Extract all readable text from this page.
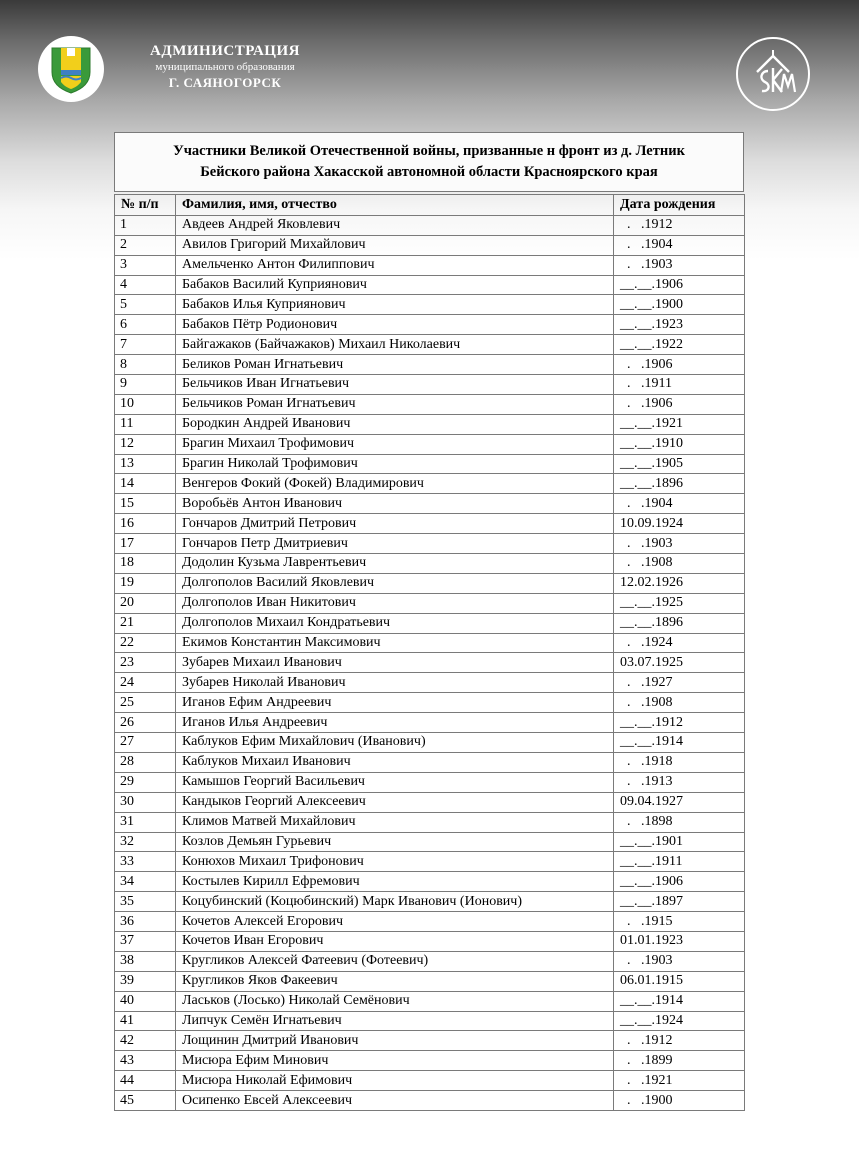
АДМИНИСТРАЦИЯ
муниципального образования
Г. САЯНОГОРСК
Участники Великой Отечественной войны, призванные н фронт из д. Летник
Бейского района Хакасской автономной области Красноярского края
№ п/п	Фамилия, имя, отчество	Дата рождения
1	Авдеев Андрей Яковлевич	.   .1912
2	Авилов Григорий Михайлович	.   .1904
3	Амельченко Антон Филиппович	.   .1903
4	Бабаков Василий Куприянович	__.__.1906
5	Бабаков Илья Куприянович	__.__.1900
6	Бабаков Пётр Родионович	__.__.1923
7	Байгажаков (Байчажаков) Михаил Николаевич	__.__.1922
8	Беликов Роман Игнатьевич	.   .1906
9	Бельчиков Иван Игнатьевич	.   .1911
10	Бельчиков Роман Игнатьевич	.   .1906
11	Бородкин Андрей Иванович	__.__.1921
12	Брагин Михаил Трофимович	__.__.1910
13	Брагин Николай Трофимович	__.__.1905
14	Венгеров Фокий (Фокей) Владимирович	__.__.1896
15	Воробьёв Антон Иванович	.   .1904
16	Гончаров Дмитрий Петрович	10.09.1924
17	Гончаров Петр Дмитриевич	.   .1903
18	Додолин Кузьма Лаврентьевич	.   .1908
19	Долгополов Василий Яковлевич	12.02.1926
20	Долгополов Иван Никитович	__.__.1925
21	Долгополов Михаил Кондратьевич	__.__.1896
22	Екимов Константин Максимович	.   .1924
23	Зубарев Михаил Иванович	03.07.1925
24	Зубарев Николай Иванович	.   .1927
25	Иганов Ефим Андреевич	.   .1908
26	Иганов Илья Андреевич	__.__.1912
27	Каблуков Ефим Михайлович (Иванович)	__.__.1914
28	Каблуков Михаил Иванович	.   .1918
29	Камышов Георгий Васильевич	.   .1913
30	Кандыков Георгий Алексеевич	09.04.1927
31	Климов Матвей Михайлович	.   .1898
32	Козлов Демьян Гурьевич	__.__.1901
33	Конюхов Михаил Трифонович	__.__.1911
34	Костылев Кирилл Ефремович	__.__.1906
35	Коцубинский (Коцюбинский) Марк Иванович (Ионович)	__.__.1897
36	Кочетов Алексей Егорович	.   .1915
37	Кочетов Иван Егорович	01.01.1923
38	Кругликов Алексей Фатеевич (Фотеевич)	.   .1903
39	Кругликов Яков Факеевич	06.01.1915
40	Ласьков (Лосько) Николай Семёнович	__.__.1914
41	Липчук Семён Игнатьевич	__.__.1924
42	Лощинин Дмитрий Иванович	.   .1912
43	Мисюра Ефим Минович	.   .1899
44	Мисюра Николай Ефимович	.   .1921
45	Осипенко Евсей Алексеевич	.   .1900
